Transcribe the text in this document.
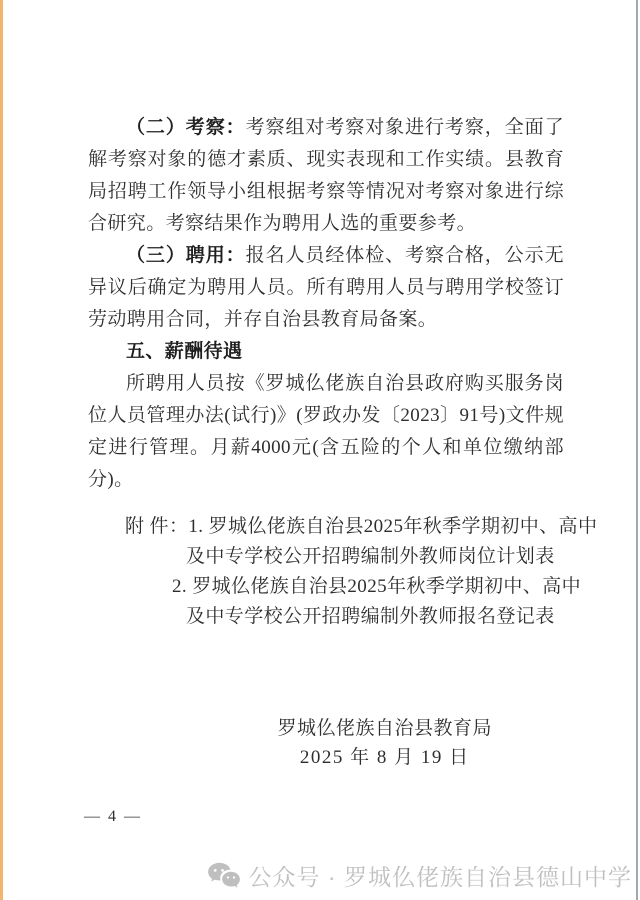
（二）考察：考察组对考察对象进行考察，全面了解考察对象的德才素质、现实表现和工作实绩。县教育局招聘工作领导小组根据考察等情况对考察对象进行综合研究。考察结果作为聘用人选的重要参考。

（三）聘用：报名人员经体检、考察合格，公示无异议后确定为聘用人员。所有聘用人员与聘用学校签订劳动聘用合同，并存自治县教育局备案。

五、薪酬待遇

所聘用人员按《罗城仫佬族自治县政府购买服务岗位人员管理办法(试行)》(罗政办发〔2023〕91号)文件规定进行管理。月薪4000元(含五险的个人和单位缴纳部分)。

附 件：1. 罗城仫佬族自治县2025年秋季学期初中、高中
及中专学校公开招聘编制外教师岗位计划表
2. 罗城仫佬族自治县2025年秋季学期初中、高中
及中专学校公开招聘编制外教师报名登记表
罗城仫佬族自治县教育局
2025 年 8 月 19 日
— 4 —
公众号 · 罗城仫佬族自治县德山中学
